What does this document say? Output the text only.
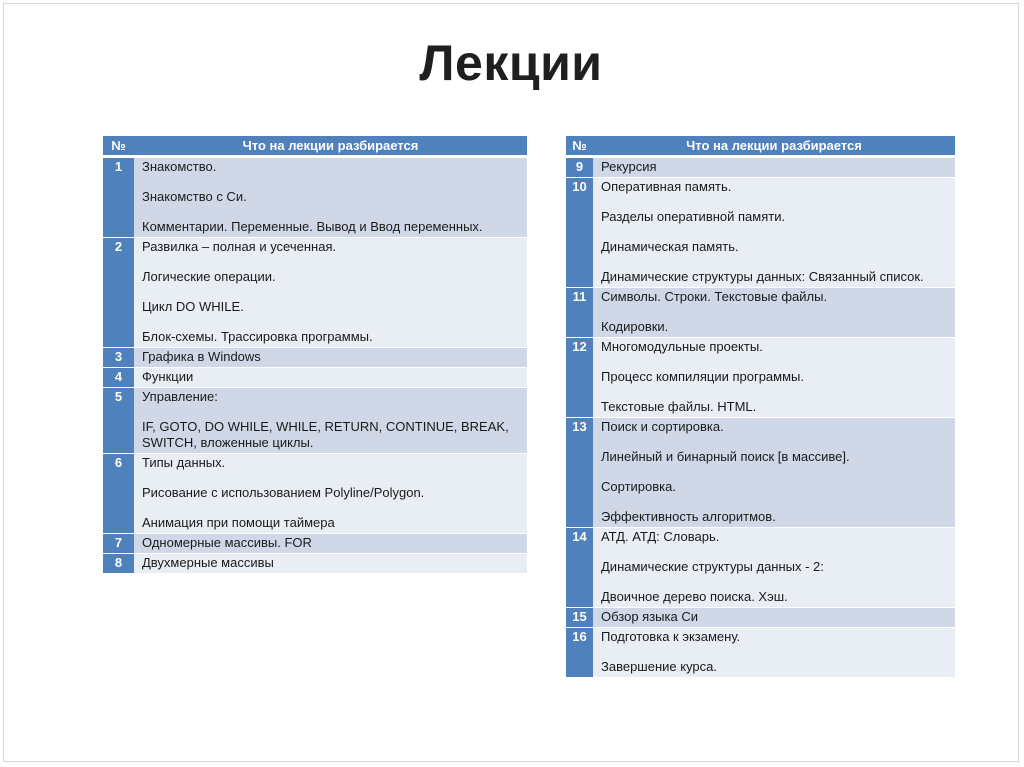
Лекции
№	Что на лекции разбирается
1	Знакомство.
Знакомство с Си.
Комментарии. Переменные. Вывод и Ввод переменных.

2	Развилка – полная и усеченная.
Логические операции.
Цикл DO WHILE.
Блок-схемы. Трассировка программы.

3	Графика в Windows

4	Функции

5	Управление:
IF, GOTO, DO WHILE, WHILE, RETURN, CONTINUE, BREAK, SWITCH, вложенные циклы.

6	Типы данных.
Рисование с использованием Polyline/Polygon.
Анимация при помощи таймера

7	Одномерные массивы. FOR

8	Двухмерные массивы
№	Что на лекции разбирается
9	Рекурсия

10	Оперативная память.
Разделы оперативной памяти.
Динамическая память.
Динамические структуры данных: Связанный список.

11	Символы. Строки. Текстовые файлы.
Кодировки.

12	Многомодульные проекты.
Процесс компиляции программы.
Текстовые файлы. HTML.

13	Поиск и сортировка.
Линейный и бинарный поиск [в массиве].
Сортировка.
Эффективность алгоритмов.

14	АТД. АТД: Словарь.
Динамические структуры данных - 2:
Двоичное дерево поиска. Хэш.

15	Обзор языка Си

16	Подготовка к экзамену.
Завершение курса.
